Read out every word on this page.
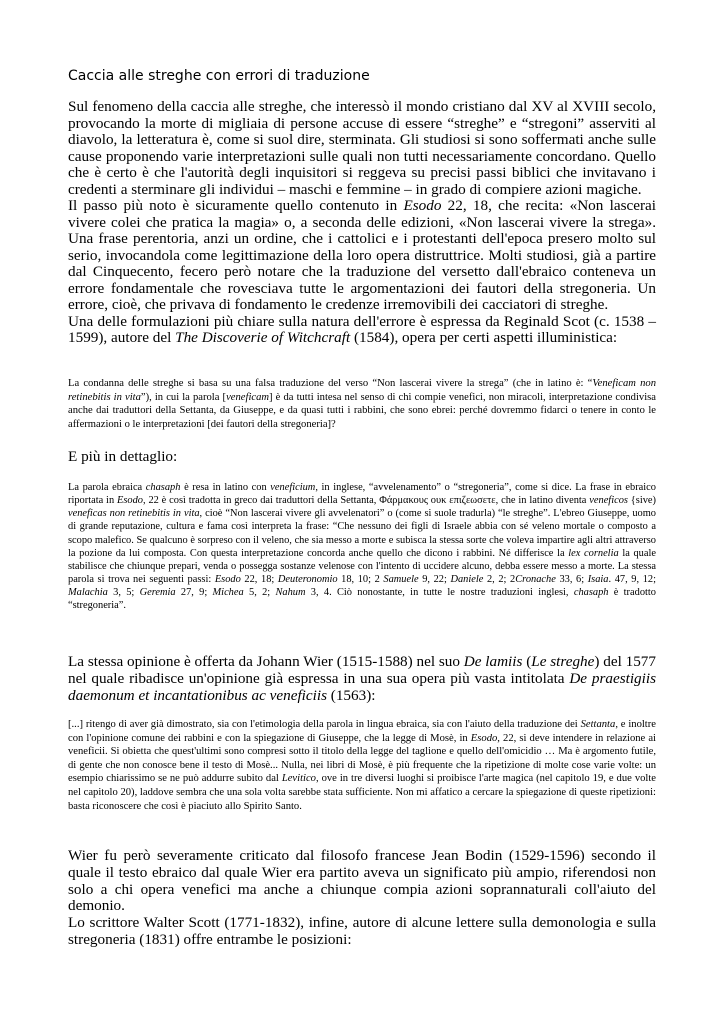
Caccia alle streghe con errori di traduzione
Sul fenomeno della caccia alle streghe, che interessò il mondo cristiano dal XV al XVIII secolo, provocando la morte di migliaia di persone accuse di essere “streghe” e “stregoni” asserviti al diavolo, la letteratura è, come si suol dire, sterminata. Gli studiosi si sono soffermati anche sulle cause proponendo varie interpretazioni sulle quali non tutti necessariamente concordano. Quello che è certo è che l'autorità degli inquisitori si reggeva su precisi passi biblici che invitavano i credenti a sterminare gli individui – maschi e femmine – in grado di compiere azioni magiche.
Il passo più noto è sicuramente quello contenuto in Esodo 22, 18, che recita: «Non lascerai vivere colei che pratica la magia» o, a seconda delle edizioni, «Non lascerai vivere la strega». Una frase perentoria, anzi un ordine, che i cattolici e i protestanti dell'epoca presero molto sul serio, invocandola come legittimazione della loro opera distruttrice. Molti studiosi, già a partire dal Cinquecento, fecero però notare che la traduzione del versetto dall'ebraico conteneva un errore fondamentale che rovesciava tutte le argomentazioni dei fautori della stregoneria. Un errore, cioè, che privava di fondamento le credenze irremovibili dei cacciatori di streghe.
Una delle formulazioni più chiare sulla natura dell'errore è espressa da Reginald Scot (c. 1538 – 1599), autore del The Discoverie of Witchcraft (1584), opera per certi aspetti illuministica:
La condanna delle streghe si basa su una falsa traduzione del verso “Non lascerai vivere la strega” (che in latino è: “Veneficam non retinebitis in vita”), in cui la parola [veneficam] è da tutti intesa nel senso di chi compie venefici, non miracoli, interpretazione condivisa anche dai traduttori della Settanta, da Giuseppe, e da quasi tutti i rabbini, che sono ebrei: perché dovremmo fidarci o tenere in conto le affermazioni o le interpretazioni [dei fautori della stregoneria]?
E più in dettaglio:
La parola ebraica chasaph è resa in latino con veneficium, in inglese, “avvelenamento” o “stregoneria”, come si dice. La frase in ebraico riportata in Esodo, 22 è così tradotta in greco dai traduttori della Settanta, Φάρμακους ουκ επιζεωσετε, che in latino diventa veneficos {sive) veneficas non retinebitis in vita, cioè “Non lascerai vivere gli avvelenatori” o (come si suole tradurla) “le streghe”. L'ebreo Giuseppe, uomo di grande reputazione, cultura e fama così interpreta la frase: “Che nessuno dei figli di Israele abbia con sé veleno mortale o composto a scopo malefico. Se qualcuno è sorpreso con il veleno, che sia messo a morte e subisca la stessa sorte che voleva impartire agli altri attraverso la pozione da lui composta. Con questa interpretazione concorda anche quello che dicono i rabbini. Né differisce la lex cornelia la quale stabilisce che chiunque prepari, venda o possegga sostanze velenose con l'intento di uccidere alcuno, debba essere messo a morte. La stessa parola si trova nei seguenti passi: Esodo 22, 18; Deuteronomio 18, 10; 2 Samuele 9, 22; Daniele 2, 2; 2Cronache 33, 6; Isaia. 47, 9, 12; Malachia 3, 5; Geremia 27, 9; Michea 5, 2; Nahum 3, 4. Ciò nonostante, in tutte le nostre traduzioni inglesi, chasaph è tradotto “stregoneria”.
La stessa opinione è offerta da Johann Wier (1515-1588) nel suo De lamiis (Le streghe) del 1577 nel quale ribadisce un'opinione già espressa in una sua opera più vasta intitolata De praestigiis daemonum et incantationibus ac veneficiis (1563):
[...] ritengo di aver già dimostrato, sia con l'etimologia della parola in lingua ebraica, sia con l'aiuto della traduzione dei Settanta, e inoltre con l'opinione comune dei rabbini e con la spiegazione di Giuseppe, che la legge di Mosè, in Esodo, 22, si deve intendere in relazione ai veneficii. Si obietta che quest'ultimi sono compresi sotto il titolo della legge del taglione e quello dell'omicidio … Ma è argomento futile, di gente che non conosce bene il testo di Mosè... Nulla, nei libri di Mosè, è più frequente che la ripetizione di molte cose varie volte: un esempio chiarissimo se ne può addurre subito dal Levitico, ove in tre diversi luoghi si proibisce l'arte magica (nel capitolo 19, e due volte nel capitolo 20), laddove sembra che una sola volta sarebbe stata sufficiente. Non mi affatico a cercare la spiegazione di queste ripetizioni: basta riconoscere che così è piaciuto allo Spirito Santo.
Wier fu però severamente criticato dal filosofo francese Jean Bodin (1529-1596) secondo il quale il testo ebraico dal quale Wier era partito aveva un significato più ampio, riferendosi non solo a chi opera venefici ma anche a chiunque compia azioni soprannaturali coll'aiuto del demonio.
Lo scrittore Walter Scott (1771-1832), infine, autore di alcune lettere sulla demonologia e sulla stregoneria (1831) offre entrambe le posizioni:
